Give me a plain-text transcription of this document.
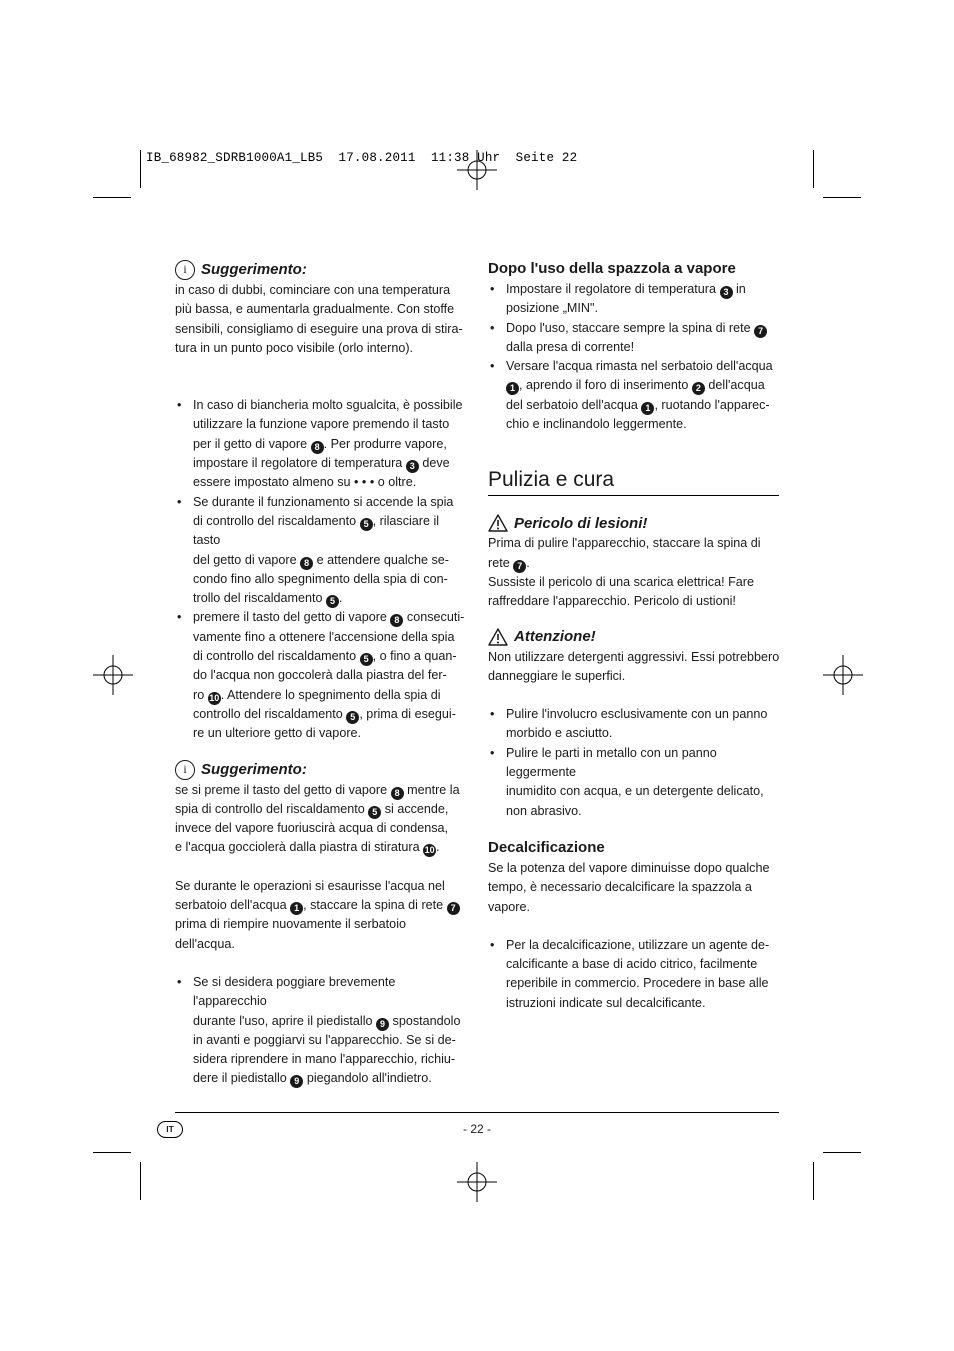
IB_68982_SDRB1000A1_LB5  17.08.2011  11:38 Uhr  Seite 22
i Suggerimento:

in caso di dubbi, cominciare con una temperatura
più bassa, e aumentarla gradualmente. Con stoffe
sensibili, consigliamo di eseguire una prova di stira-
tura in un punto poco visibile (orlo interno).

• In caso di biancheria molto sgualcita, è possibile
utilizzare la funzione vapore premendo il tasto
per il getto di vapore 8 . Per produrre vapore,
impostare il regolatore di temperatura 3 deve
essere impostato almeno su • • • o oltre.
• Se durante il funzionamento si accende la spia
di controllo del riscaldamento 5 , rilasciare il tasto
del getto di vapore 8 e attendere qualche se-
condo fino allo spegnimento della spia di con-
trollo del riscaldamento 5 .
• premere il tasto del getto di vapore 8 consecuti-
vamente fino a ottenere l'accensione della spia
di controllo del riscaldamento 5 , o fino a quan-
do l'acqua non goccolerà dalla piastra del fer-
ro 10 . Attendere lo spegnimento della spia di
controllo del riscaldamento 5 , prima di esegui-
re un ulteriore getto di vapore.
i Suggerimento:

se si preme il tasto del getto di vapore 8 mentre la
spia di controllo del riscaldamento 5 si accende,
invece del vapore fuoriuscirà acqua di condensa,
e l'acqua gocciolerà dalla piastra di stiratura 10 .

Se durante le operazioni si esaurisse l'acqua nel
serbatoio dell'acqua 1 , staccare la spina di rete 7
prima di riempire nuovamente il serbatoio dell'acqua.

• Se si desidera poggiare brevemente l'apparecchio
durante l'uso, aprire il piedistallo 9 spostandolo
in avanti e poggiarvi su l'apparecchio. Se si de-
sidera riprendere in mano l'apparecchio, richiu-
dere il piedistallo 9 piegandolo all'indietro.
Dopo l'uso della spazzola a vapore
• Impostare il regolatore di temperatura 3 in
posizione „MIN".
• Dopo l'uso, staccare sempre la spina di rete 7
dalla presa di corrente!
• Versare l'acqua rimasta nel serbatoio dell'acqua
1 , aprendo il foro di inserimento 2 dell'acqua
del serbatoio dell'acqua 1 , ruotando l'apparec-
chio e inclinandolo leggermente.
Pulizia e cura
Pericolo di lesioni!

Prima di pulire l'apparecchio, staccare la spina di
rete 7 .
Sussiste il pericolo di una scarica elettrica! Fare
raffreddare l'apparecchio. Pericolo di ustioni!

Attenzione!

Non utilizzare detergenti aggressivi. Essi potrebbero
danneggiare le superfici.

• Pulire l'involucro esclusivamente con un panno
morbido e asciutto.
• Pulire le parti in metallo con un panno leggermente
inumidito con acqua, e un detergente delicato,
non abrasivo.
Decalcificazione

Se la potenza del vapore diminuisse dopo qualche
tempo, è necessario decalcificare la spazzola a
vapore.

• Per la decalcificazione, utilizzare un agente de-
calcificante a base di acido citrico, facilmente
reperibile in commercio. Procedere in base alle
istruzioni indicate sul decalcificante.
IT	- 22 -
